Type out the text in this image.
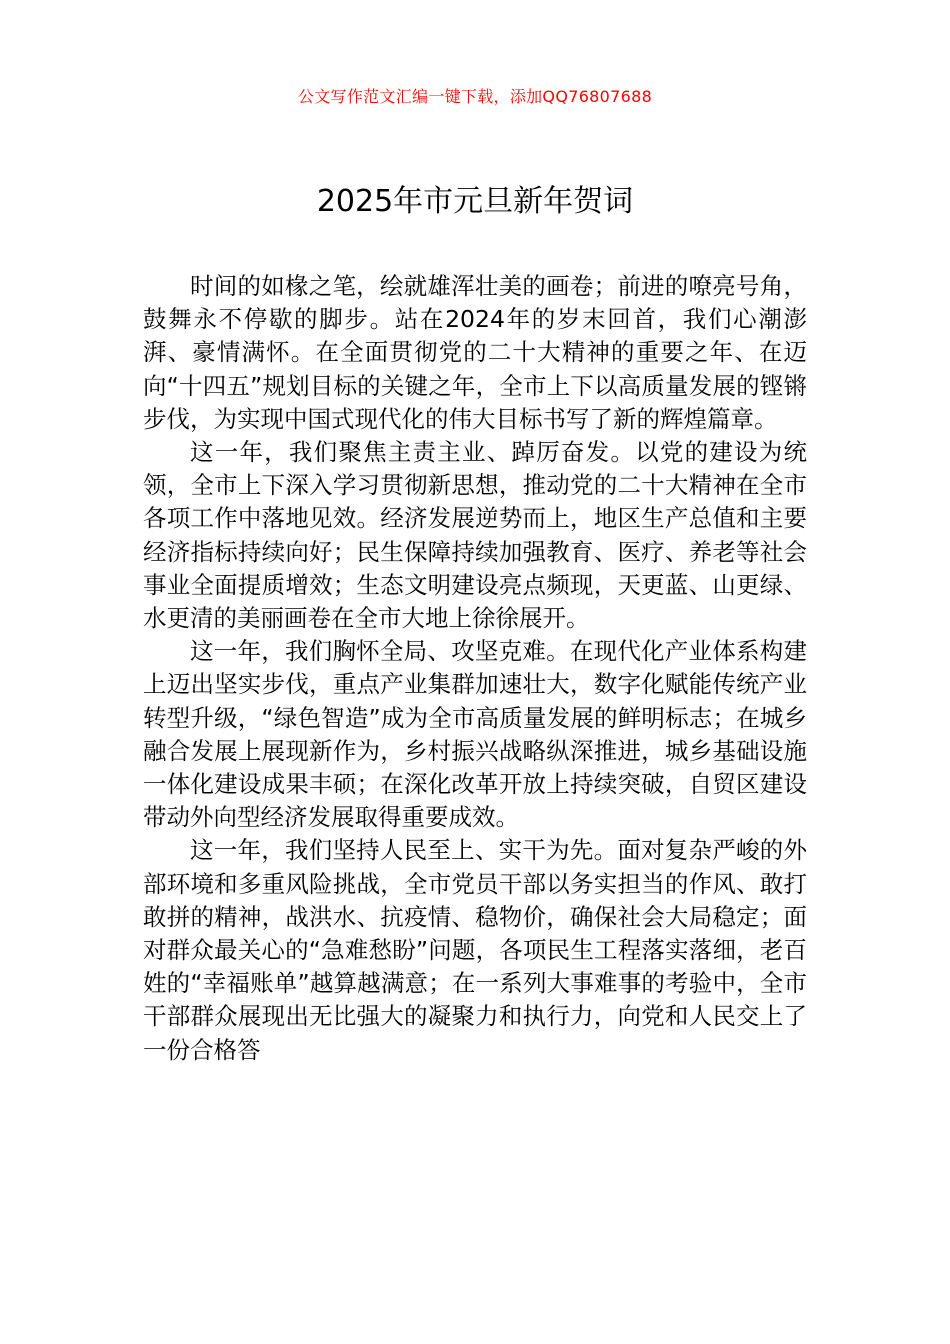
公文写作范文汇编一键下载，添加QQ76807688
2025年市元旦新年贺词

时间的如椽之笔，绘就雄浑壮美的画卷；前进的嘹亮号角，鼓舞永不停歇的脚步。站在2024年的岁末回首，我们心潮澎湃、豪情满怀。在全面贯彻党的二十大精神的重要之年、在迈向“十四五”规划目标的关键之年，全市上下以高质量发展的铿锵步伐，为实现中国式现代化的伟大目标书写了新的辉煌篇章。

这一年，我们聚焦主责主业、踔厉奋发。以党的建设为统领，全市上下深入学习贯彻新思想，推动党的二十大精神在全市各项工作中落地见效。经济发展逆势而上，地区生产总值和主要经济指标持续向好；民生保障持续加强教育、医疗、养老等社会事业全面提质增效；生态文明建设亮点频现，天更蓝、山更绿、水更清的美丽画卷在全市大地上徐徐展开。

这一年，我们胸怀全局、攻坚克难。在现代化产业体系构建上迈出坚实步伐，重点产业集群加速壮大，数字化赋能传统产业转型升级，“绿色智造”成为全市高质量发展的鲜明标志；在城乡融合发展上展现新作为，乡村振兴战略纵深推进，城乡基础设施一体化建设成果丰硕；在深化改革开放上持续突破，自贸区建设带动外向型经济发展取得重要成效。

这一年，我们坚持人民至上、实干为先。面对复杂严峻的外部环境和多重风险挑战，全市党员干部以务实担当的作风、敢打敢拼的精神，战洪水、抗疫情、稳物价，确保社会大局稳定；面对群众最关心的“急难愁盼”问题，各项民生工程落实落细，老百姓的“幸福账单”越算越满意；在一系列大事难事的考验中，全市干部群众展现出无比强大的凝聚力和执行力，向党和人民交上了一份合格答
